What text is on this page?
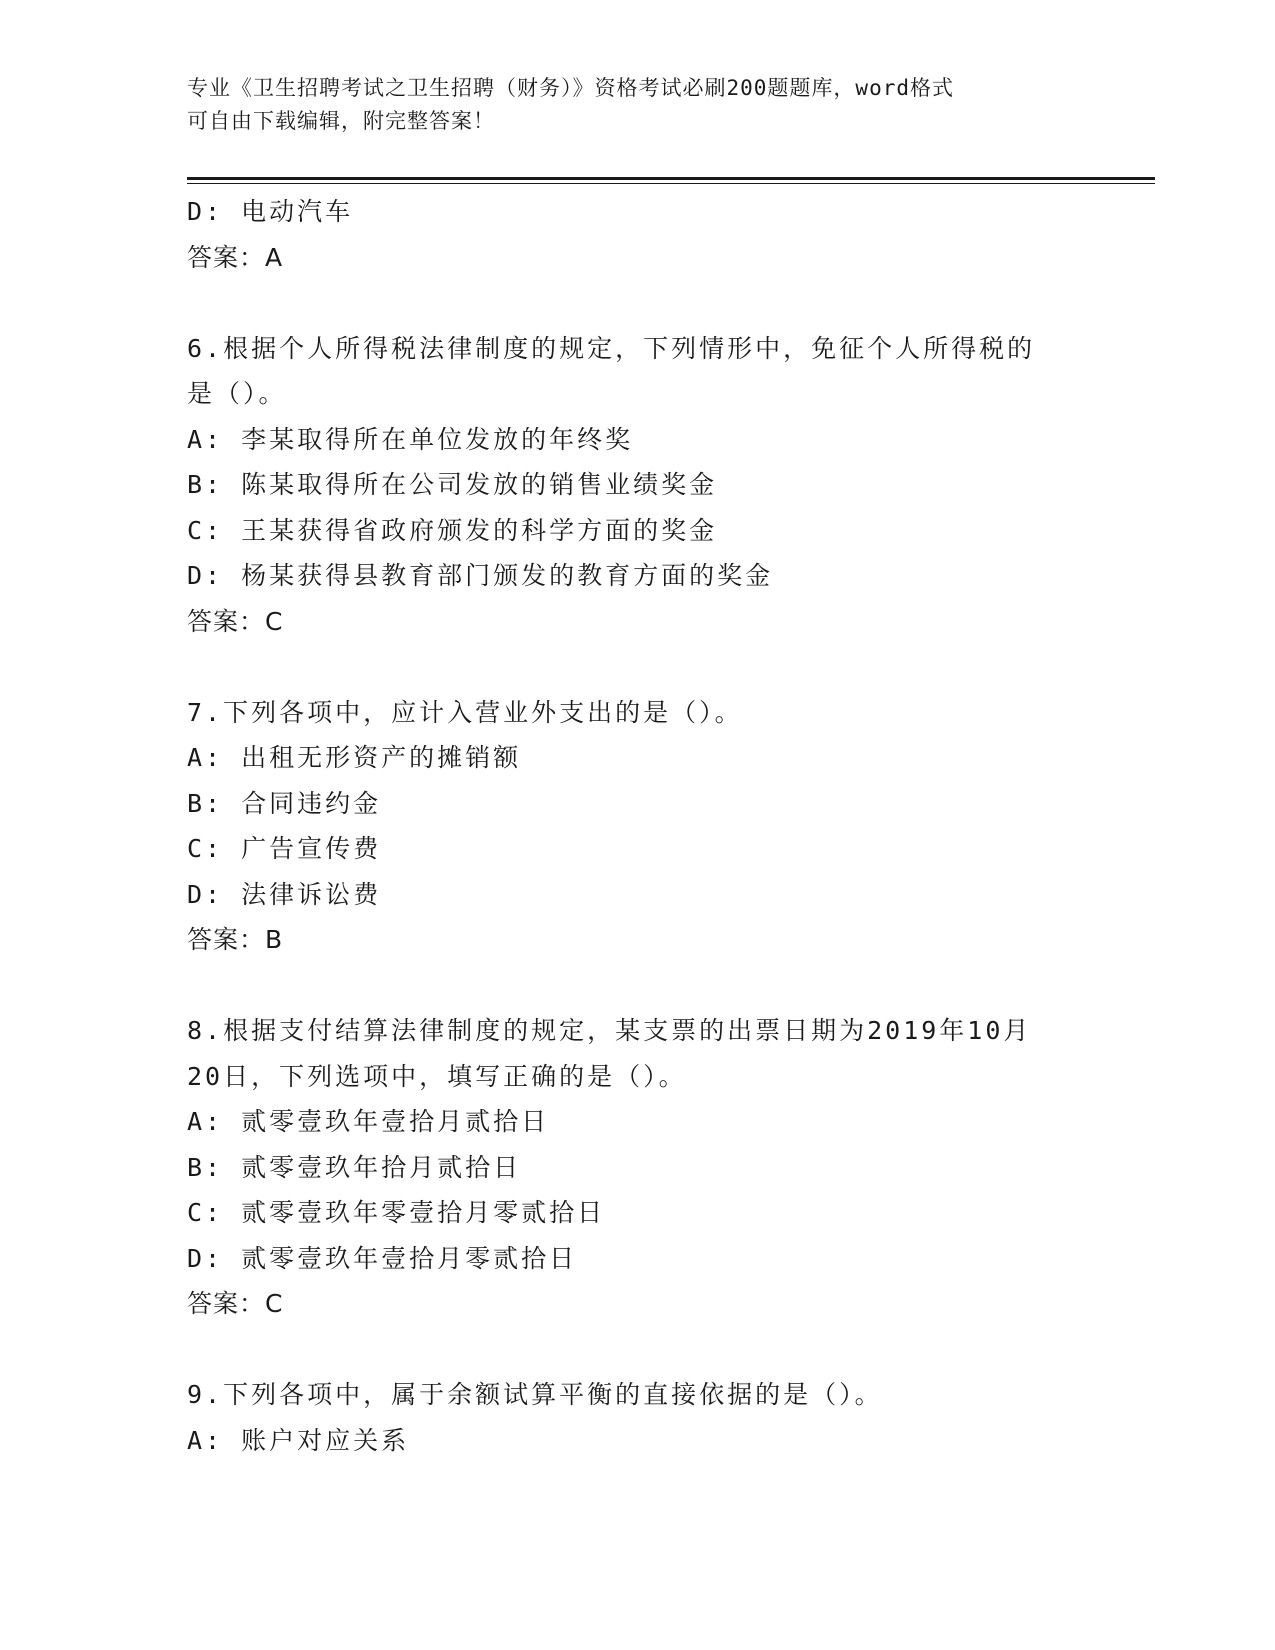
专业《卫生招聘考试之卫生招聘（财务）》资格考试必刷200题题库，word格式
可自由下载编辑，附完整答案！
D: 电动汽车
答案：A
6.根据个人所得税法律制度的规定，下列情形中，免征个人所得税的
是（）。
A: 李某取得所在单位发放的年终奖
B: 陈某取得所在公司发放的销售业绩奖金
C: 王某获得省政府颁发的科学方面的奖金
D: 杨某获得县教育部门颁发的教育方面的奖金
答案：C
7.下列各项中，应计入营业外支出的是（）。
A: 出租无形资产的摊销额
B: 合同违约金
C: 广告宣传费
D: 法律诉讼费
答案：B
8.根据支付结算法律制度的规定，某支票的出票日期为2019年10月
20日，下列选项中，填写正确的是（）。
A: 贰零壹玖年壹拾月贰拾日
B: 贰零壹玖年拾月贰拾日
C: 贰零壹玖年零壹拾月零贰拾日
D: 贰零壹玖年壹拾月零贰拾日
答案：C
9.下列各项中，属于余额试算平衡的直接依据的是（）。
A: 账户对应关系
